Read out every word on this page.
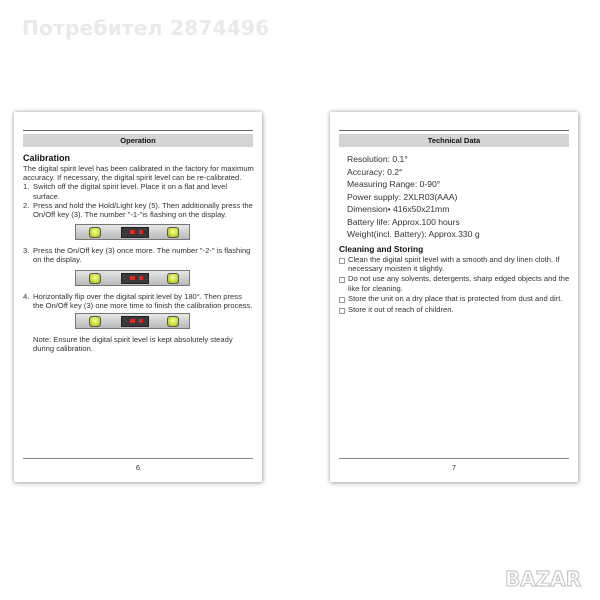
Потребител 2874496
Operation

Calibration

The digital spirit level has been calibrated in the factory for maximum accuracy. If necessary, the digital spirit level can be re-calibrated.

1. Switch off the digital spirit level. Place it on a flat and level surface.
2. Press and hold the Hold/Light key (5). Then additionally press the On/Off key (3). The number "-1-"is flashing on the display.
3. Press the On/Off key (3) once more. The number "-2-" is flashing on the display.
4. Horizontally flip over the digital spirit level by 180°. Then press the On/Off key (3) one more time to finish the calibration process.

Note: Ensure the digital spirit level is kept absolutely steady during calibration.

6
Technical Data
Resolution: 0.1°
Accuracy: 0.2°
Measuring Range: 0-90°
Power supply: 2XLR03(AAA)
Dimension• 416x50x21mm
Battery life: Approx.100 hours
Weight(incl. Battery): Approx.330 g
Cleaning and Storing
Clean the digital spirit level with a smooth and dry linen cloth. If necessary moisten it slightly.
Do not use any solvents, detergents, sharp edged objects and the like for cleaning.
Store the unit on a dry place that is protected from dust and dirt.
Store it out of reach of children.
7
BAZAR
